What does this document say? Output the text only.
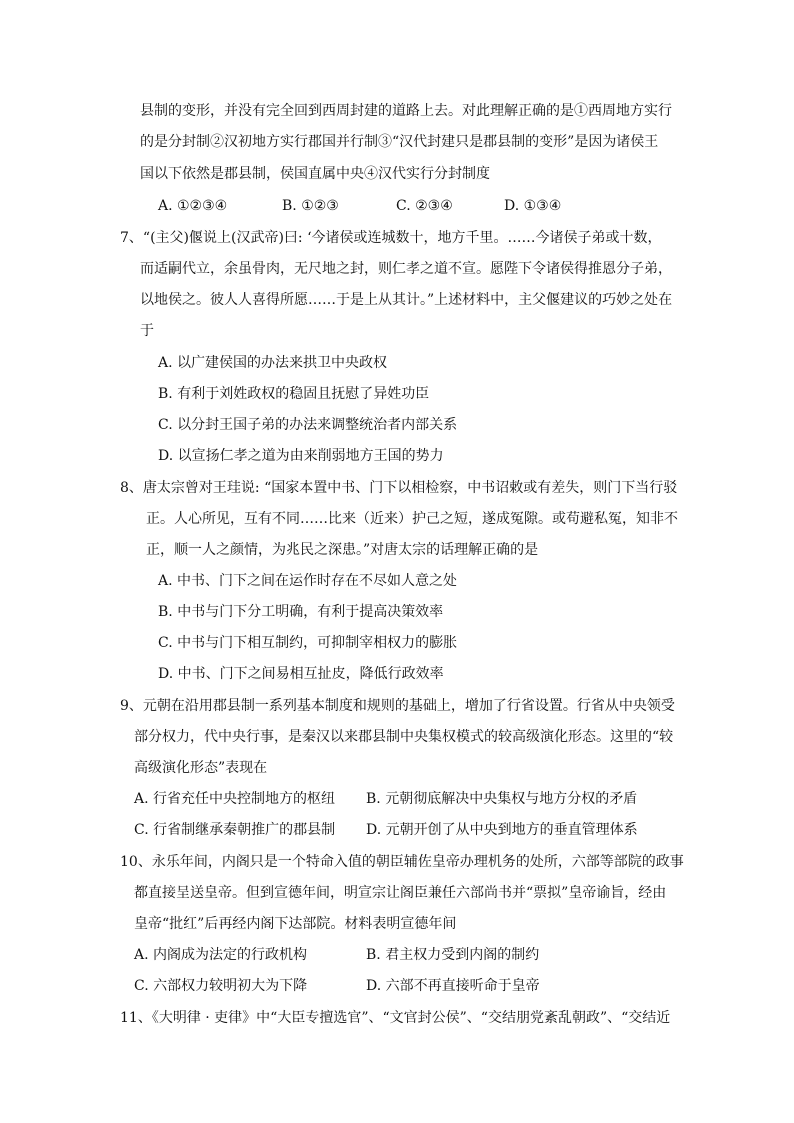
县制的变形，并没有完全回到西周封建的道路上去。对此理解正确的是①西周地方实行
的是分封制②汉初地方实行郡国并行制③“汉代封建只是郡县制的变形”是因为诸侯王
国以下依然是郡县制，侯国直属中央④汉代实行分封制度
A. ①②③④	B. ①②③	C. ②③④	D. ①③④
7、“(主父)偃说上(汉武帝)曰: ‘今诸侯或连城数十，地方千里。……今诸侯子弟或十数，
而适嗣代立，余虽骨肉，无尺地之封，则仁孝之道不宣。愿陛下令诸侯得推恩分子弟，
以地侯之。彼人人喜得所愿……于是上从其计。”上述材料中，主父偃建议的巧妙之处在
于
A. 以广建侯国的办法来拱卫中央政权
B. 有利于刘姓政权的稳固且抚慰了异姓功臣
C. 以分封王国子弟的办法来调整统治者内部关系
D. 以宣扬仁孝之道为由来削弱地方王国的势力
8、唐太宗曾对王珪说: “国家本置中书、门下以相检察，中书诏敕或有差失，则门下当行驳
正。人心所见，互有不同……比来（近来）护己之短，遂成冤隙。或苟避私冤，知非不
正，顺一人之颜情，为兆民之深患。”对唐太宗的话理解正确的是
A. 中书、门下之间在运作时存在不尽如人意之处
B. 中书与门下分工明确，有利于提高决策效率
C. 中书与门下相互制约，可抑制宰相权力的膨胀
D. 中书、门下之间易相互扯皮，降低行政效率
9、元朝在沿用郡县制一系列基本制度和规则的基础上，增加了行省设置。行省从中央领受
部分权力，代中央行事，是秦汉以来郡县制中央集权模式的较高级演化形态。这里的“较
高级演化形态”表现在
A. 行省充任中央控制地方的枢纽 B. 元朝彻底解决中央集权与地方分权的矛盾
C. 行省制继承秦朝推广的郡县制 D. 元朝开创了从中央到地方的垂直管理体系
10、永乐年间，内阁只是一个特命入值的朝臣辅佐皇帝办理机务的处所，六部等部院的政事
都直接呈送皇帝。但到宣德年间，明宣宗让阁臣兼任六部尚书并“票拟”皇帝谕旨，经由
皇帝“批红”后再经内阁下达部院。材料表明宣德年间
A. 内阁成为法定的行政机构	B. 君主权力受到内阁的制约
C. 六部权力较明初大为下降	D. 六部不再直接听命于皇帝
11、《大明律 · 吏律》中“大臣专擅选官”、“文官封公侯”、“交结朋党紊乱朝政”、“交结近
